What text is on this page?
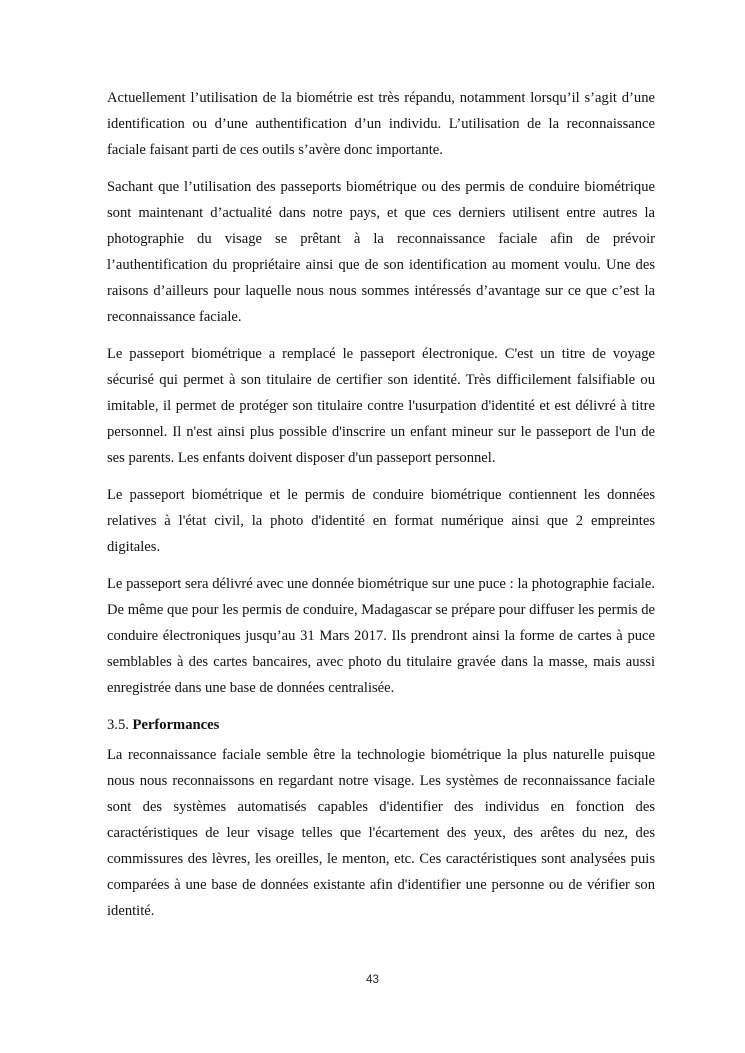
Actuellement l’utilisation de la biométrie est très répandu, notamment lorsqu’il s’agit d’une identification ou d’une authentification d’un individu. L’utilisation de la reconnaissance faciale faisant parti de ces outils s’avère donc importante.

Sachant que l’utilisation des passeports biométrique ou des permis de conduire biométrique sont maintenant d’actualité dans notre pays, et que ces derniers utilisent entre autres la photographie du visage se prêtant à la reconnaissance faciale afin de prévoir l’authentification du propriétaire ainsi que de son identification au moment voulu. Une des raisons d’ailleurs pour laquelle nous nous sommes intéressés d’avantage sur ce que c’est la reconnaissance faciale.

Le passeport biométrique a remplacé le passeport électronique. C'est un titre de voyage sécurisé qui permet à son titulaire de certifier son identité. Très difficilement falsifiable ou imitable, il permet de protéger son titulaire contre l'usurpation d'identité et est délivré à titre personnel. Il n'est ainsi plus possible d'inscrire un enfant mineur sur le passeport de l'un de ses parents. Les enfants doivent disposer d'un passeport personnel.

Le passeport biométrique et le permis de conduire biométrique contiennent les données relatives à l'état civil, la photo d'identité en format numérique ainsi que 2 empreintes digitales.

Le passeport sera délivré avec une donnée biométrique sur une puce : la photographie faciale. De même que pour les permis de conduire, Madagascar se prépare pour diffuser les permis de conduire électroniques jusqu’au 31 Mars 2017. Ils prendront ainsi la forme de cartes à puce semblables à des cartes bancaires, avec photo du titulaire gravée dans la masse, mais aussi enregistrée dans une base de données centralisée.

3.5. Performances

La reconnaissance faciale semble être la technologie biométrique la plus naturelle puisque nous nous reconnaissons en regardant notre visage. Les systèmes de reconnaissance faciale sont des systèmes automatisés capables d'identifier des individus en fonction des caractéristiques de leur visage telles que l'écartement des yeux, des arêtes du nez, des commissures des lèvres, les oreilles, le menton, etc. Ces caractéristiques sont analysées puis comparées à une base de données existante afin d'identifier une personne ou de vérifier son identité.

43
